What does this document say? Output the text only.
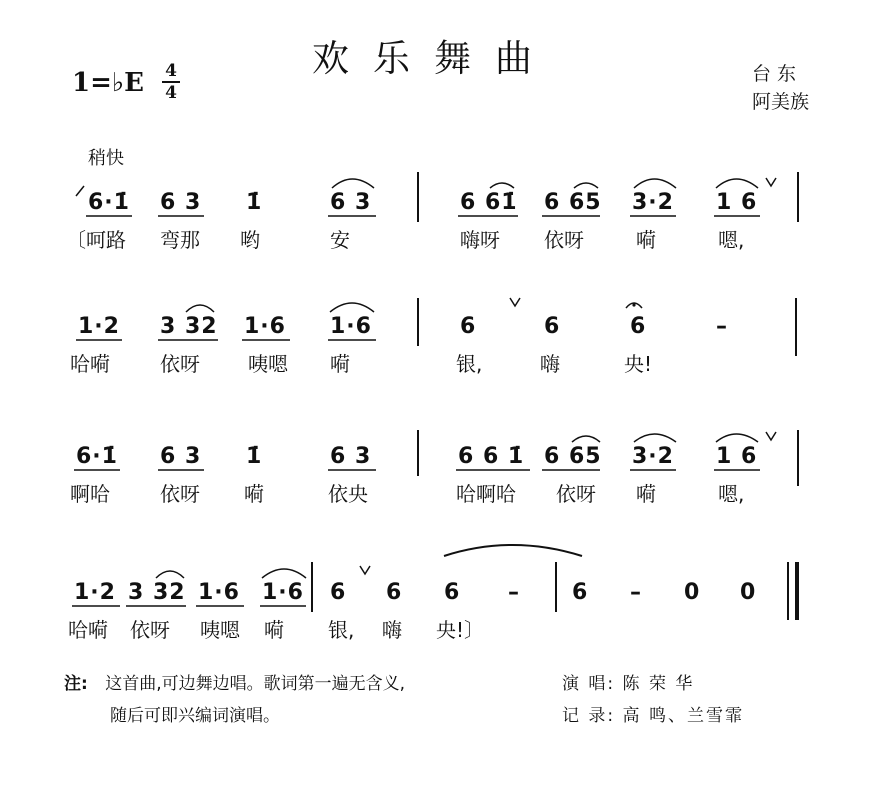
1=♭E 4
4
欢乐舞曲	台 东
阿美族
稍快
6·1̇ 6 3 1̇	6 3	6 61̇ 6 65 3·2 1 6
〔呵路 弯那 哟	安	嗨呀 依呀	嗬	嗯,
1·2 3 32 1·6 1·6	6	6	6	–
哈嗬	依呀 咦嗯 嗬	银,	嗨	央!
6·1̇ 6 3 1̇	6 3	6 6 1̇ 6 65 3·2 1 6
啊哈	依呀 嗬	依央	哈啊哈 依呀 嗬	嗯,
1·2 3 32 1·6 1·6 6 6 6 – 6 – 0 0
哈嗬 依呀 咦嗯 嗬 银, 嗨 央!〕
注: 这首曲,可边舞边唱。歌词第一遍无含义,
随后可即兴编词演唱。
演 唱: 陈 荣 华
记 录: 高 鸣、兰雪霏
